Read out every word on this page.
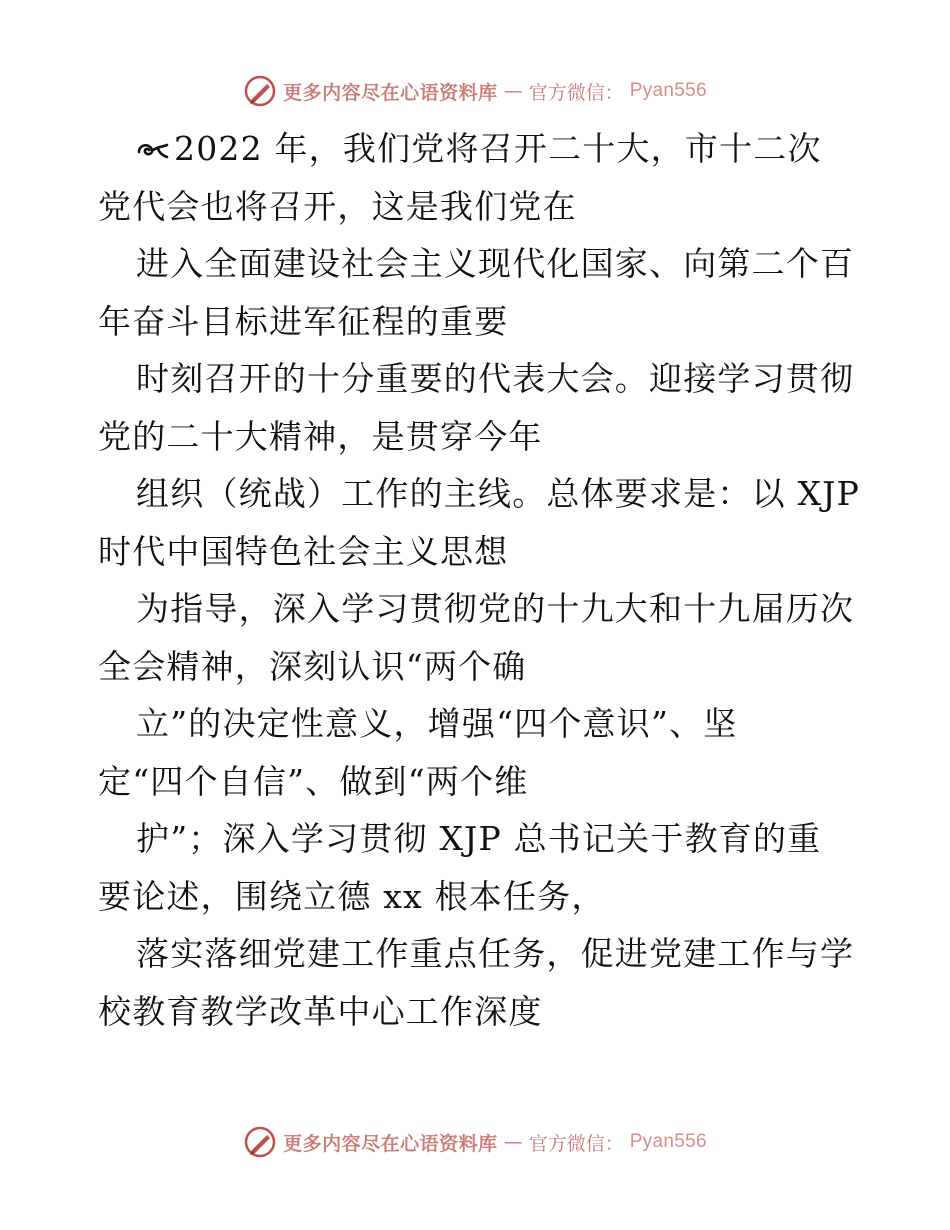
更多内容尽在心语资料库 — 官方微信： Pyan556
2022 年，我们党将召开二十大，市十二次
党代会也将召开，这是我们党在
进入全面建设社会主义现代化国家、向第二个百
年奋斗目标进军征程的重要
时刻召开的十分重要的代表大会。迎接学习贯彻
党的二十大精神，是贯穿今年
组织（统战）工作的主线。总体要求是：以 XJP
时代中国特色社会主义思想
为指导，深入学习贯彻党的十九大和十九届历次
全会精神，深刻认识“两个确
立”的决定性意义，增强“四个意识”、坚
定“四个自信”、做到“两个维
护”；深入学习贯彻 XJP 总书记关于教育的重
要论述，围绕立德 xx 根本任务，
落实落细党建工作重点任务，促进党建工作与学
校教育教学改革中心工作深度
更多内容尽在心语资料库 — 官方微信： Pyan556
